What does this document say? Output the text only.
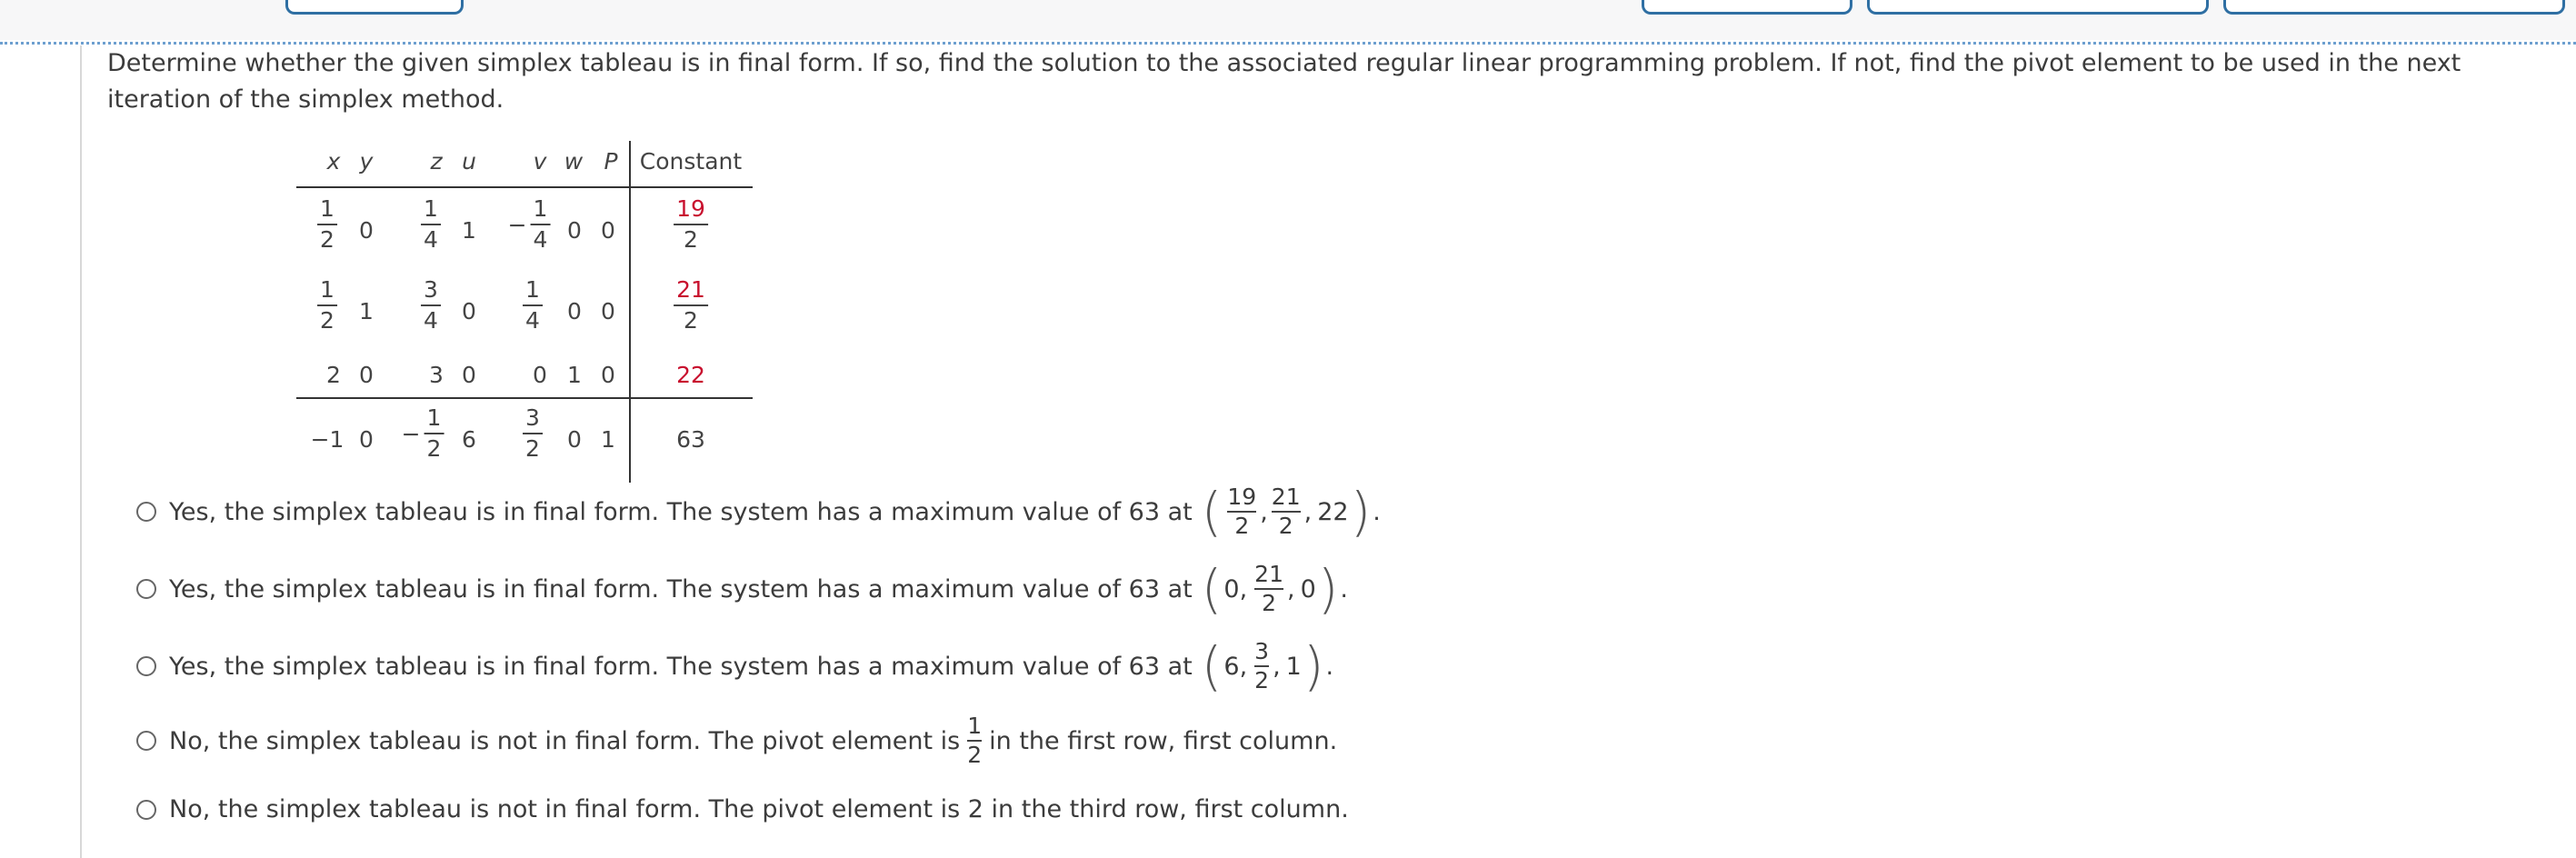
Determine whether the given simplex tableau is in final form. If so, find the solution to the associated regular linear programming problem. If not, find the pivot element to be used in the next iteration of the simplex method.
x y	z u	v w P Constant
$\frac{1}{2} 0 \frac{1}{4} 1 - \frac{1}{4} 0$ 0	$\frac{19}{2}$
$\frac{1}{2} 1 \frac{3}{4} 0 \frac{1}{4} 0$ 0	$\frac{21}{2}$
2 0 3 0 0 1 0	22
−1 $0 - \frac{1}{2} 6 \frac{3}{2} 0$ 1	63
Yes, the simplex tableau is in final form. The system has a maximum value of 63 at ( 19
2 ,
21
2 , 22 ) .
Yes, the simplex tableau is in final form. The system has a maximum value of 63 at ( 0 ,
21
2 , 0 ) .
Yes, the simplex tableau is in final form. The system has a maximum value of 63 at ( 6 ,
3
2 , 1 ) .
No, the simplex tableau is not in final form. The pivot element is
1
2 in the first row, first column.
No, the simplex tableau is not in final form. The pivot element is 2 in the third row, first column.
